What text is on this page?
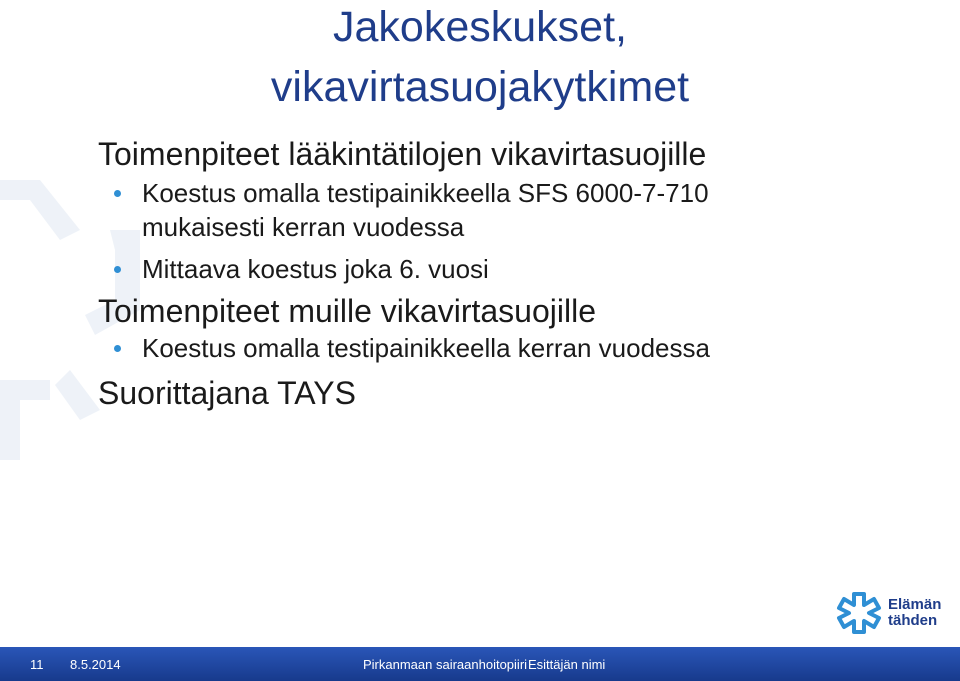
Jakokeskukset,
vikavirtasuojakytkimet

Toimenpiteet lääkintätilojen vikavirtasuojille

Koestus omalla testipainikkeella SFS 6000-7-710
mukaisesti kerran vuodessa
Mittaava koestus joka 6. vuosi

Toimenpiteet muille vikavirtasuojille

Koestus omalla testipainikkeella kerran vuodessa

Suorittajana TAYS

Elämän
tähden
11 8.5.2014	Pirkanmaan sairaanhoitopiiri Esittäjän nimi
